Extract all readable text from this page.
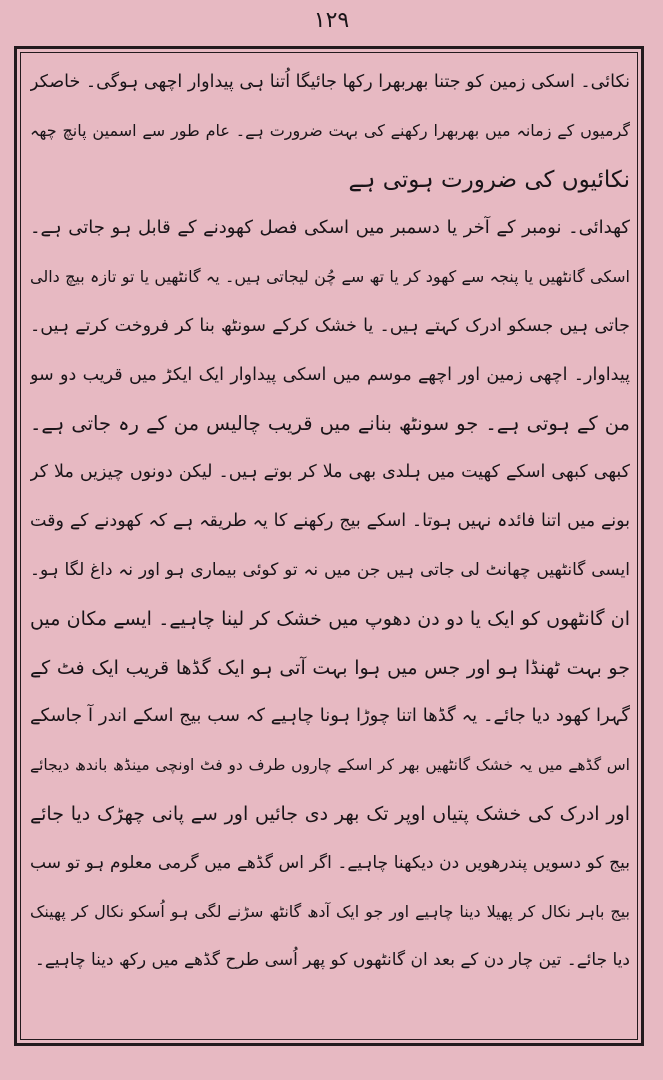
۱۲۹
نکائی۔ اسکی زمین کو جتنا بھربھرا رکھا جائیگا اُتنا ہی پیداوار اچھی ہوگی۔ خاصکر
گرمیوں کے زمانہ میں بھربھرا رکھنے کی بہت ضرورت ہے۔ عام طور سے اسمین پانچ چھہ
نکائیوں کی ضرورت ہوتی ہے
کھدائی۔ نومبر کے آخر یا دسمبر میں اسکی فصل کھودنے کے قابل ہو جاتی ہے۔
اسکی گانٹھیں یا پنجہ سے کھود کر یا تھ سے چُن لیجاتی ہیں۔ یہ گانٹھیں یا تو تازہ بیچ دالی
جاتی ہیں جسکو ادرک کہتے ہیں۔ یا خشک کرکے سونٹھ بنا کر فروخت کرتے ہیں۔
پیداوار۔ اچھی زمین اور اچھے موسم میں اسکی پیداوار ایک ایکڑ میں قریب دو سو
من کے ہوتی ہے۔ جو سونٹھ بنانے میں قریب چالیس من کے رہ جاتی ہے۔
کبھی کبھی اسکے کھیت میں ہلدی بھی ملا کر بوتے ہیں۔ لیکن دونوں چیزیں ملا کر
بونے میں اتنا فائدہ نہیں ہوتا۔ اسکے بیج رکھنے کا یہ طریقہ ہے کہ کھودنے کے وقت
ایسی گانٹھیں چھانٹ لی جاتی ہیں جن میں نہ تو کوئی بیماری ہو اور نہ داغ لگا ہو۔
ان گانٹھوں کو ایک یا دو دن دھوپ میں خشک کر لینا چاہیے۔ ایسے مکان میں
جو بہت ٹھنڈا ہو اور جس میں ہوا بہت آتی ہو ایک گڈھا قریب ایک فٹ کے
گہرا کھود دیا جائے۔ یہ گڈھا اتنا چوڑا ہونا چاہیے کہ سب بیج اسکے اندر آ جاسکے
اس گڈھے میں یہ خشک گانٹھیں بھر کر اسکے چاروں طرف دو فٹ اونچی مینڈھ باندھ دیجائے
اور ادرک کی خشک پتیاں اوپر تک بھر دی جائیں اور سے پانی چھڑک دیا جائے
بیج کو دسویں پندرھویں دن دیکھنا چاہیے۔ اگر اس گڈھے میں گرمی معلوم ہو تو سب
بیج باہر نکال کر پھیلا دینا چاہیے اور جو ایک آدھ گانٹھ سڑنے لگی ہو اُسکو نکال کر پھینک
دیا جائے۔ تین چار دن کے بعد ان گانٹھوں کو پھر اُسی طرح گڈھے میں رکھ دینا چاہیے۔
